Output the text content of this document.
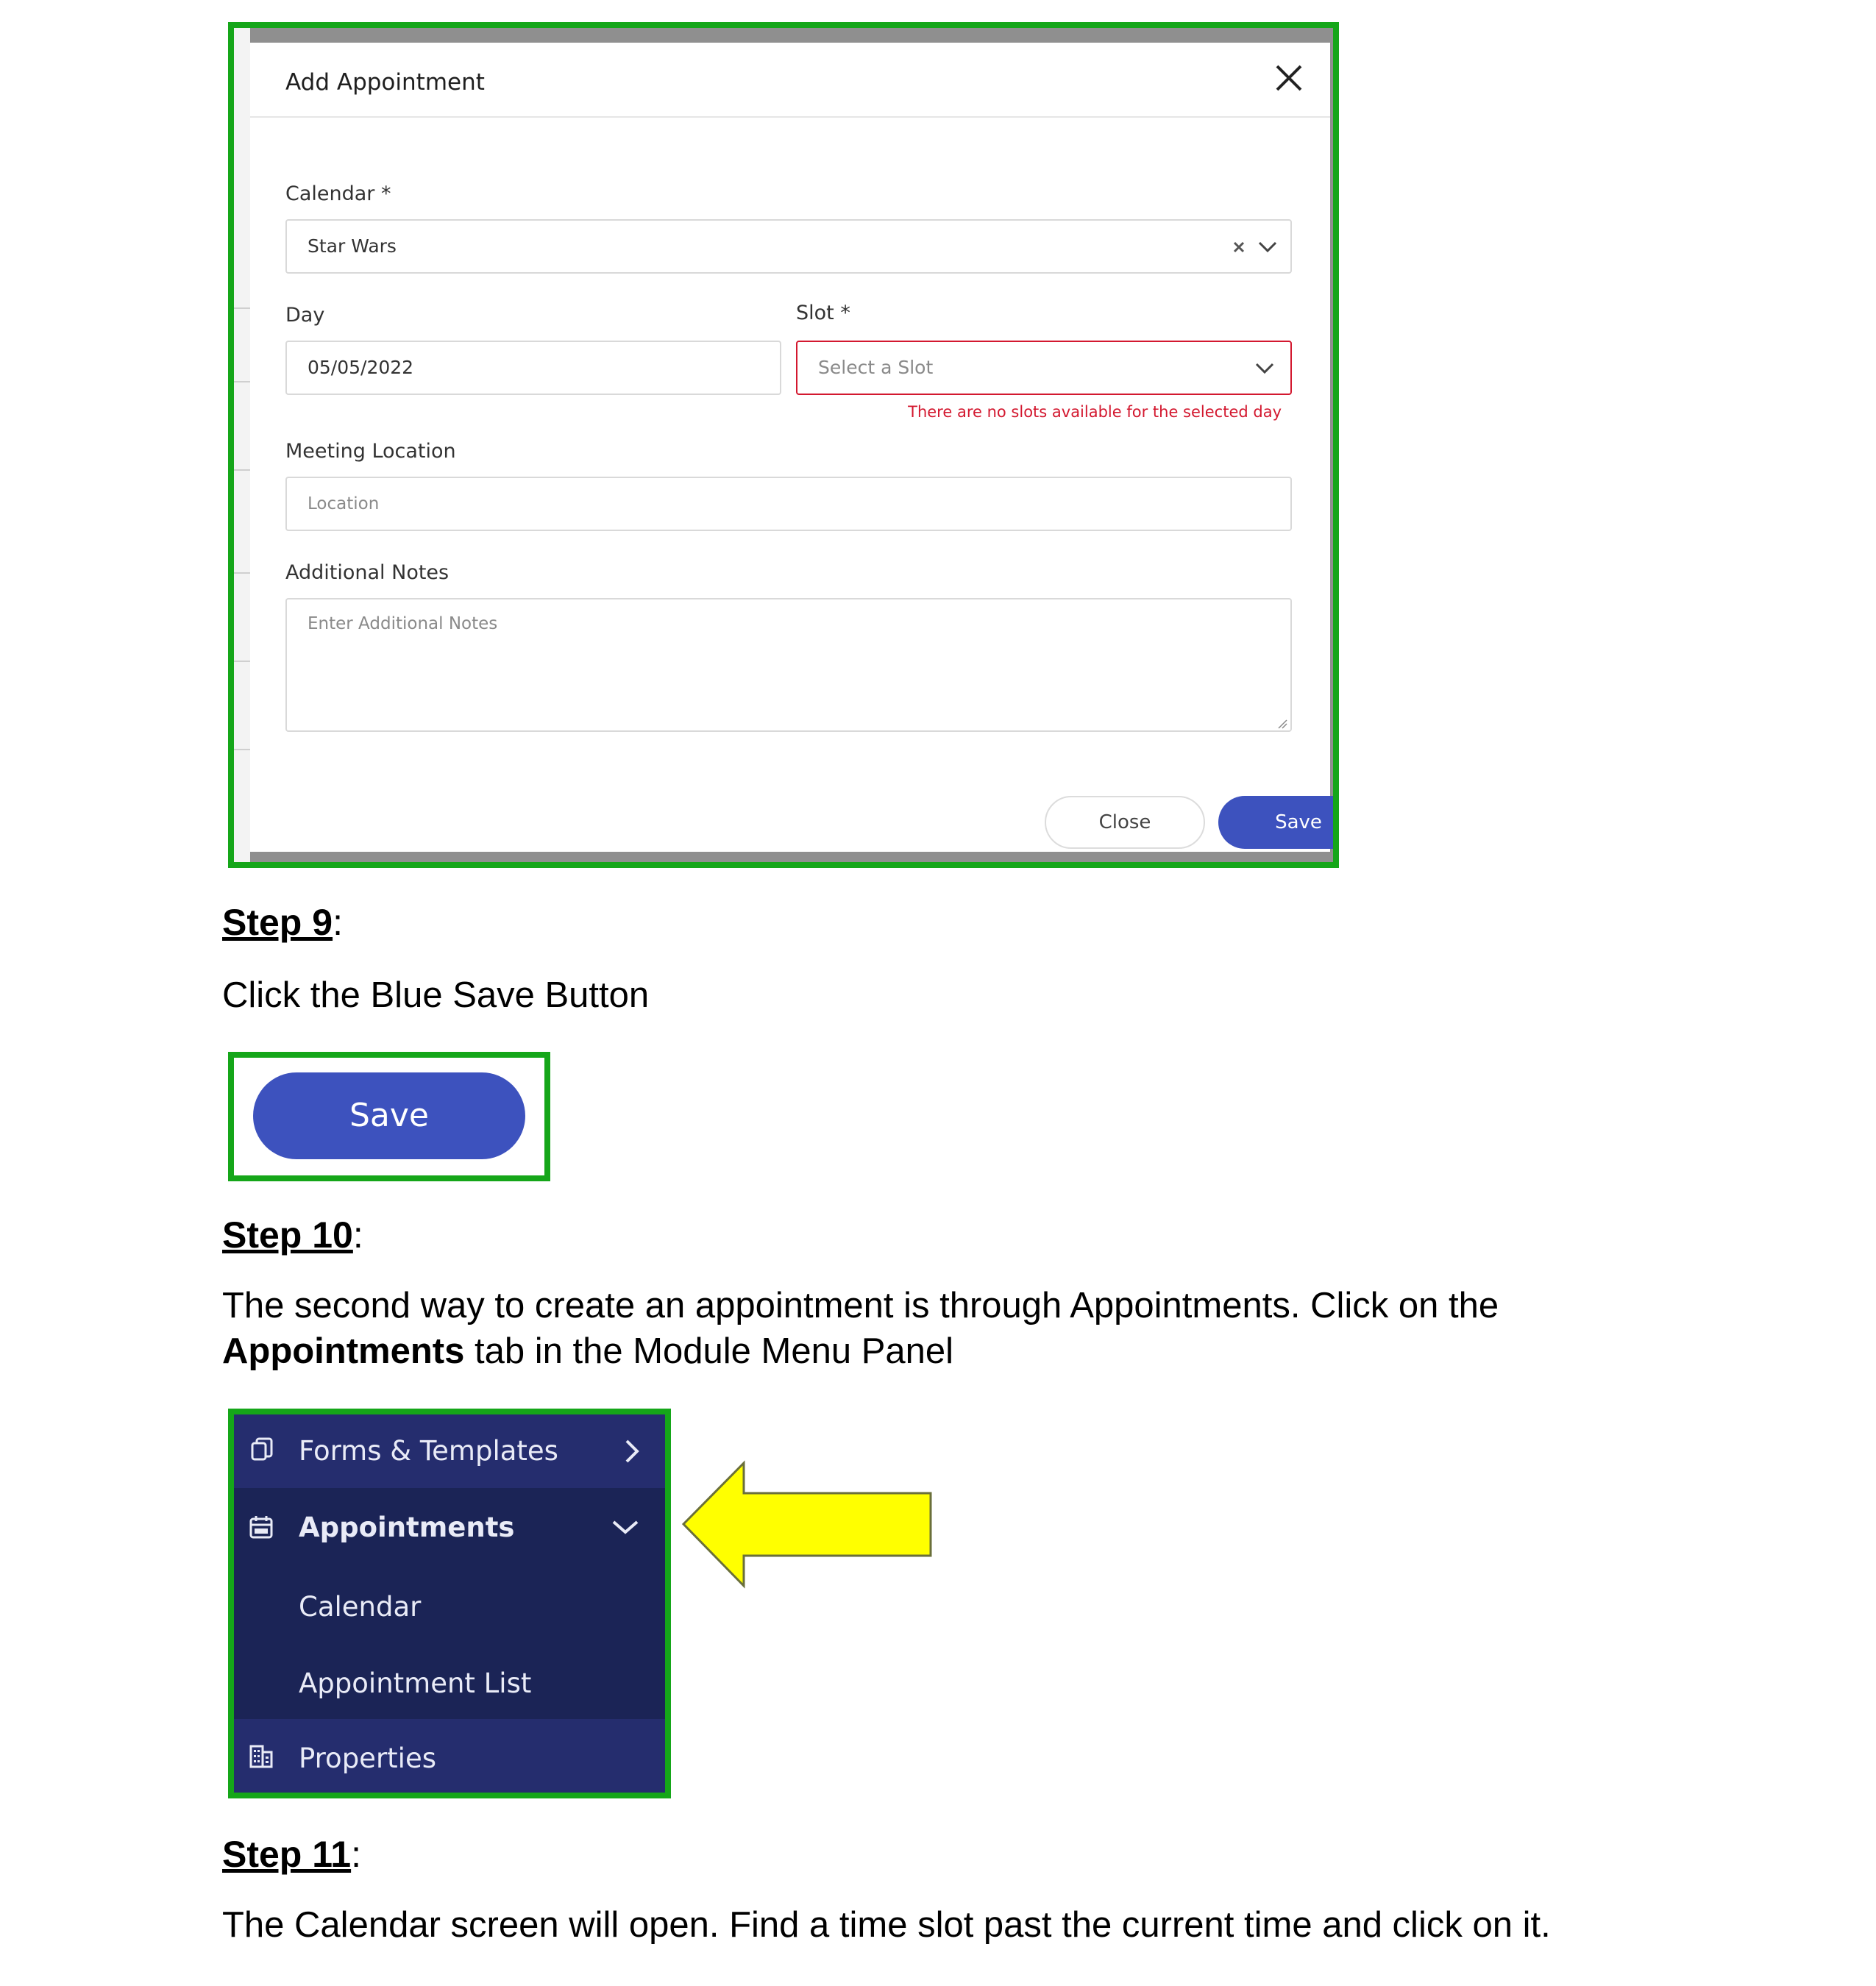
Add Appointment
Calendar *
Star Wars
Day
05/05/2022
Slot *
Select a Slot
There are no slots available for the selected day
Meeting Location
Location
Additional Notes
Enter Additional Notes
Close	Save
Step 9:
Click the Blue Save Button
Save
Step 10:
The second way to create an appointment is through Appointments. Click on the
Appointments tab in the Module Menu Panel
Forms & Templates
Appointments
Calendar
Appointment List
Properties
Step 11:
The Calendar screen will open. Find a time slot past the current time and click on it.
